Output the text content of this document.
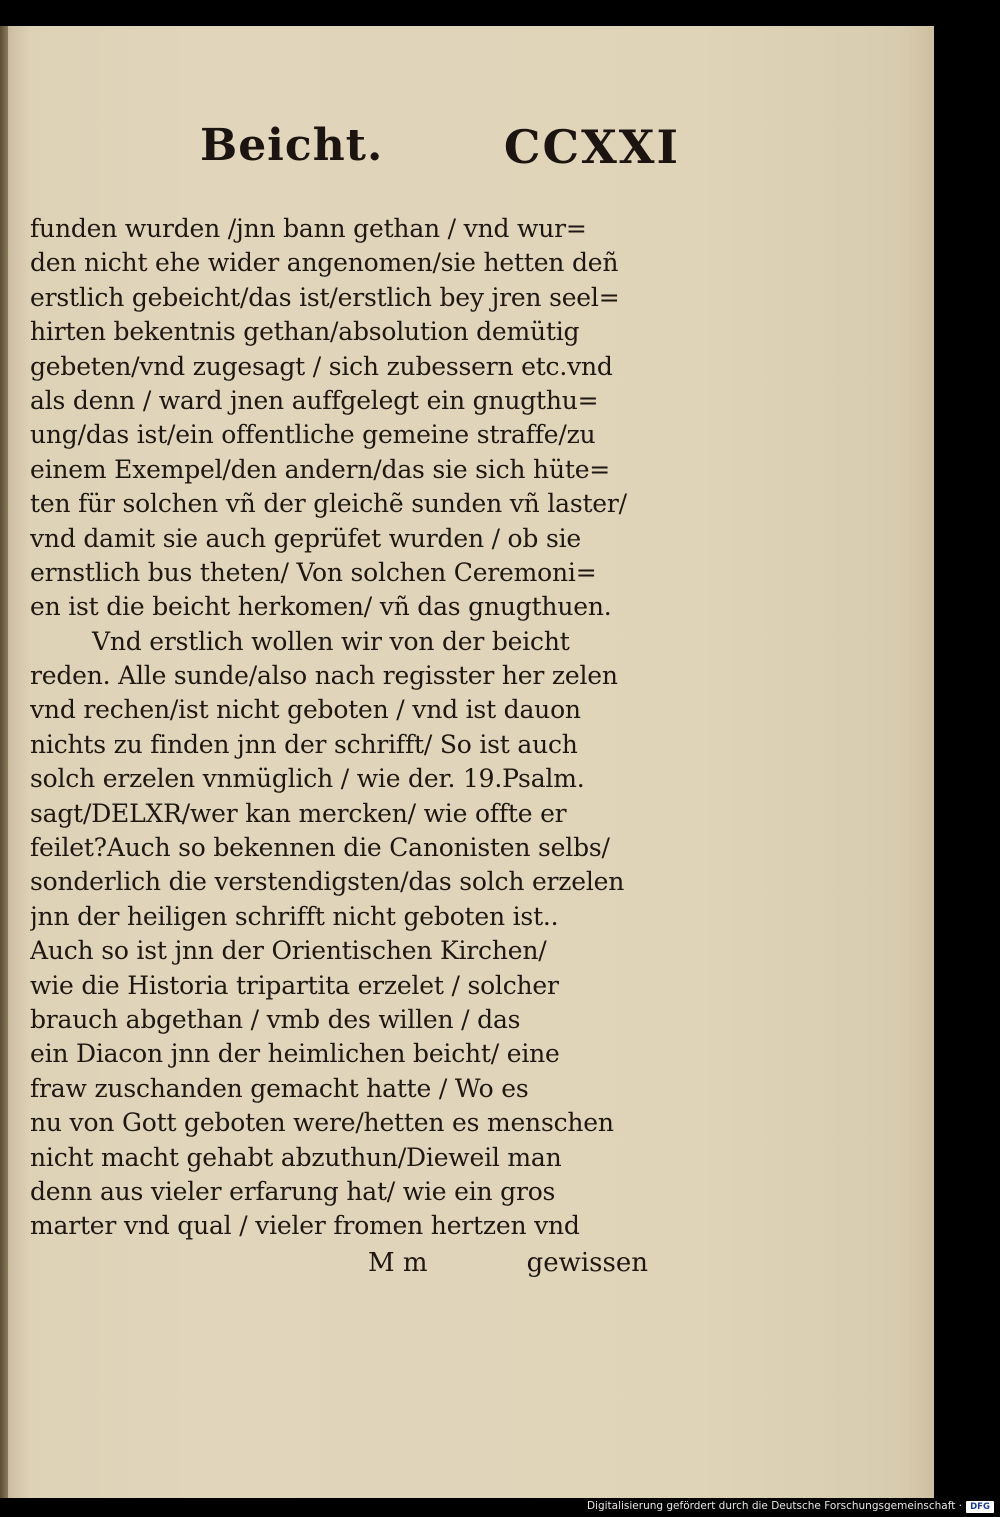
Beicht.	CCXXI
funden wurden /jnn bann gethan / vnd wur=
den nicht ehe wider angenomen/sie hetten deñ
erstlich gebeicht/das ist/erstlich bey jren seel=
hirten bekentnis gethan/absolution demütig
gebeten/vnd zugesagt / sich zubessern etc.vnd
als denn / ward jnen auffgelegt ein gnugthu=
ung/das ist/ein offentliche gemeine straffe/zu
einem Exempel/den andern/das sie sich hüte=
ten für solchen vñ der gleichẽ sunden vñ laster/
vnd damit sie auch geprüfet wurden / ob sie
ernstlich bus theten/ Von solchen Ceremoni=
en ist die beicht herkomen/ vñ das gnugthuen.
Vnd erstlich wollen wir von der beicht
reden. Alle sunde/also nach regisster her zelen
vnd rechen/ist nicht geboten / vnd ist dauon
nichts zu finden jnn der schrifft/ So ist auch
solch erzelen vnmüglich / wie der. 19.Psalm.
sagt/DELXR/wer kan mercken/ wie offte er
feilet?Auch so bekennen die Canonisten selbs/
sonderlich die verstendigsten/das solch erzelen
jnn der heiligen schrifft nicht geboten ist..
Auch so ist jnn der Orientischen Kirchen/
wie die Historia tripartita erzelet / solcher
brauch abgethan / vmb des willen / das
ein Diacon jnn der heimlichen beicht/ eine
fraw zuschanden gemacht hatte / Wo es
nu von Gott geboten were/hetten es menschen
nicht macht gehabt abzuthun/Dieweil man
denn aus vieler erfarung hat/ wie ein gros
marter vnd qual / vieler fromen hertzen vnd
M m	gewissen
Digitalisierung gefördert durch die Deutsche Forschungsgemeinschaft · DFG
